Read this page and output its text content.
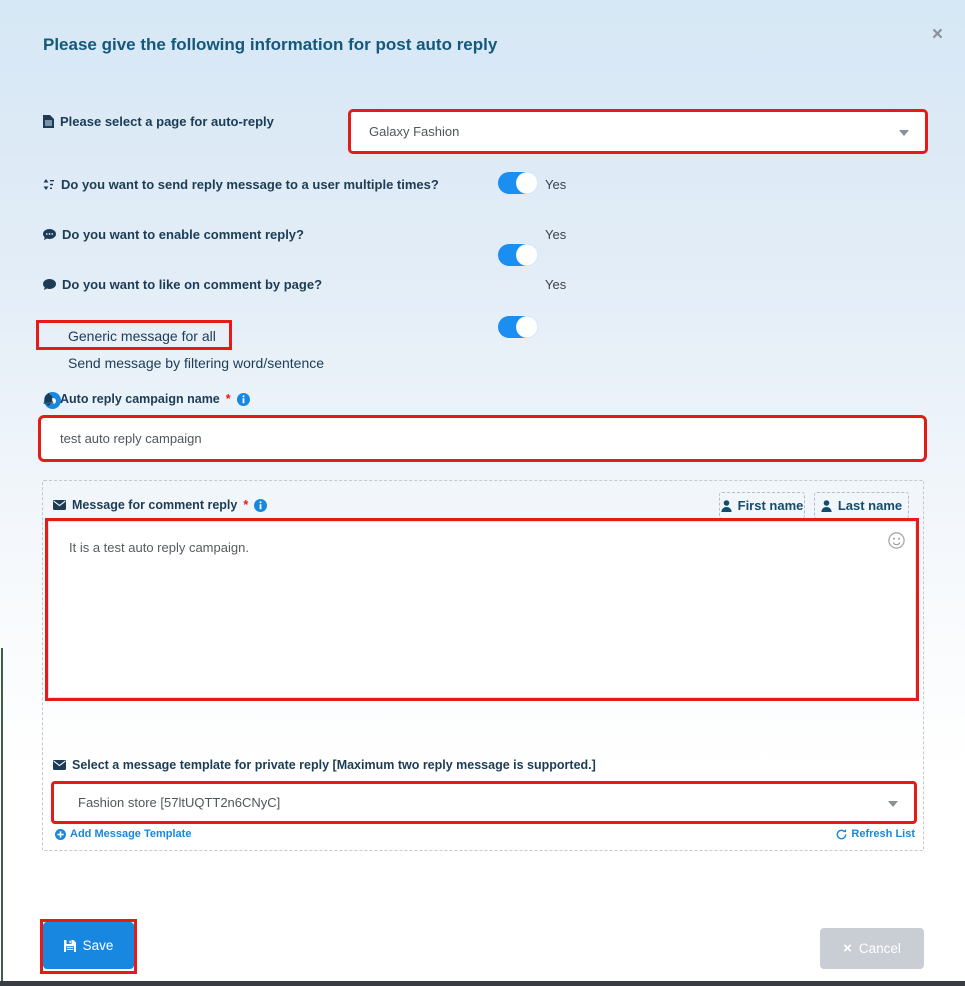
×
Please give the following information for post auto reply
Please select a page for auto-reply
Galaxy Fashion
Do you want to send reply message to a user multiple times?	Yes
Do you want to enable comment reply?	Yes
Do you want to like on comment by page?	Yes
Generic message for all
Send message by filtering word/sentence
Auto reply campaign name *
test auto reply campaign
Message for comment reply *	First name	Last name
It is a test auto reply campaign.
Select a message template for private reply [Maximum two reply message is supported.]
Fashion store [57ltUQTT2n6CNyC]
Add Message Template	Refresh List
Save	× Cancel
